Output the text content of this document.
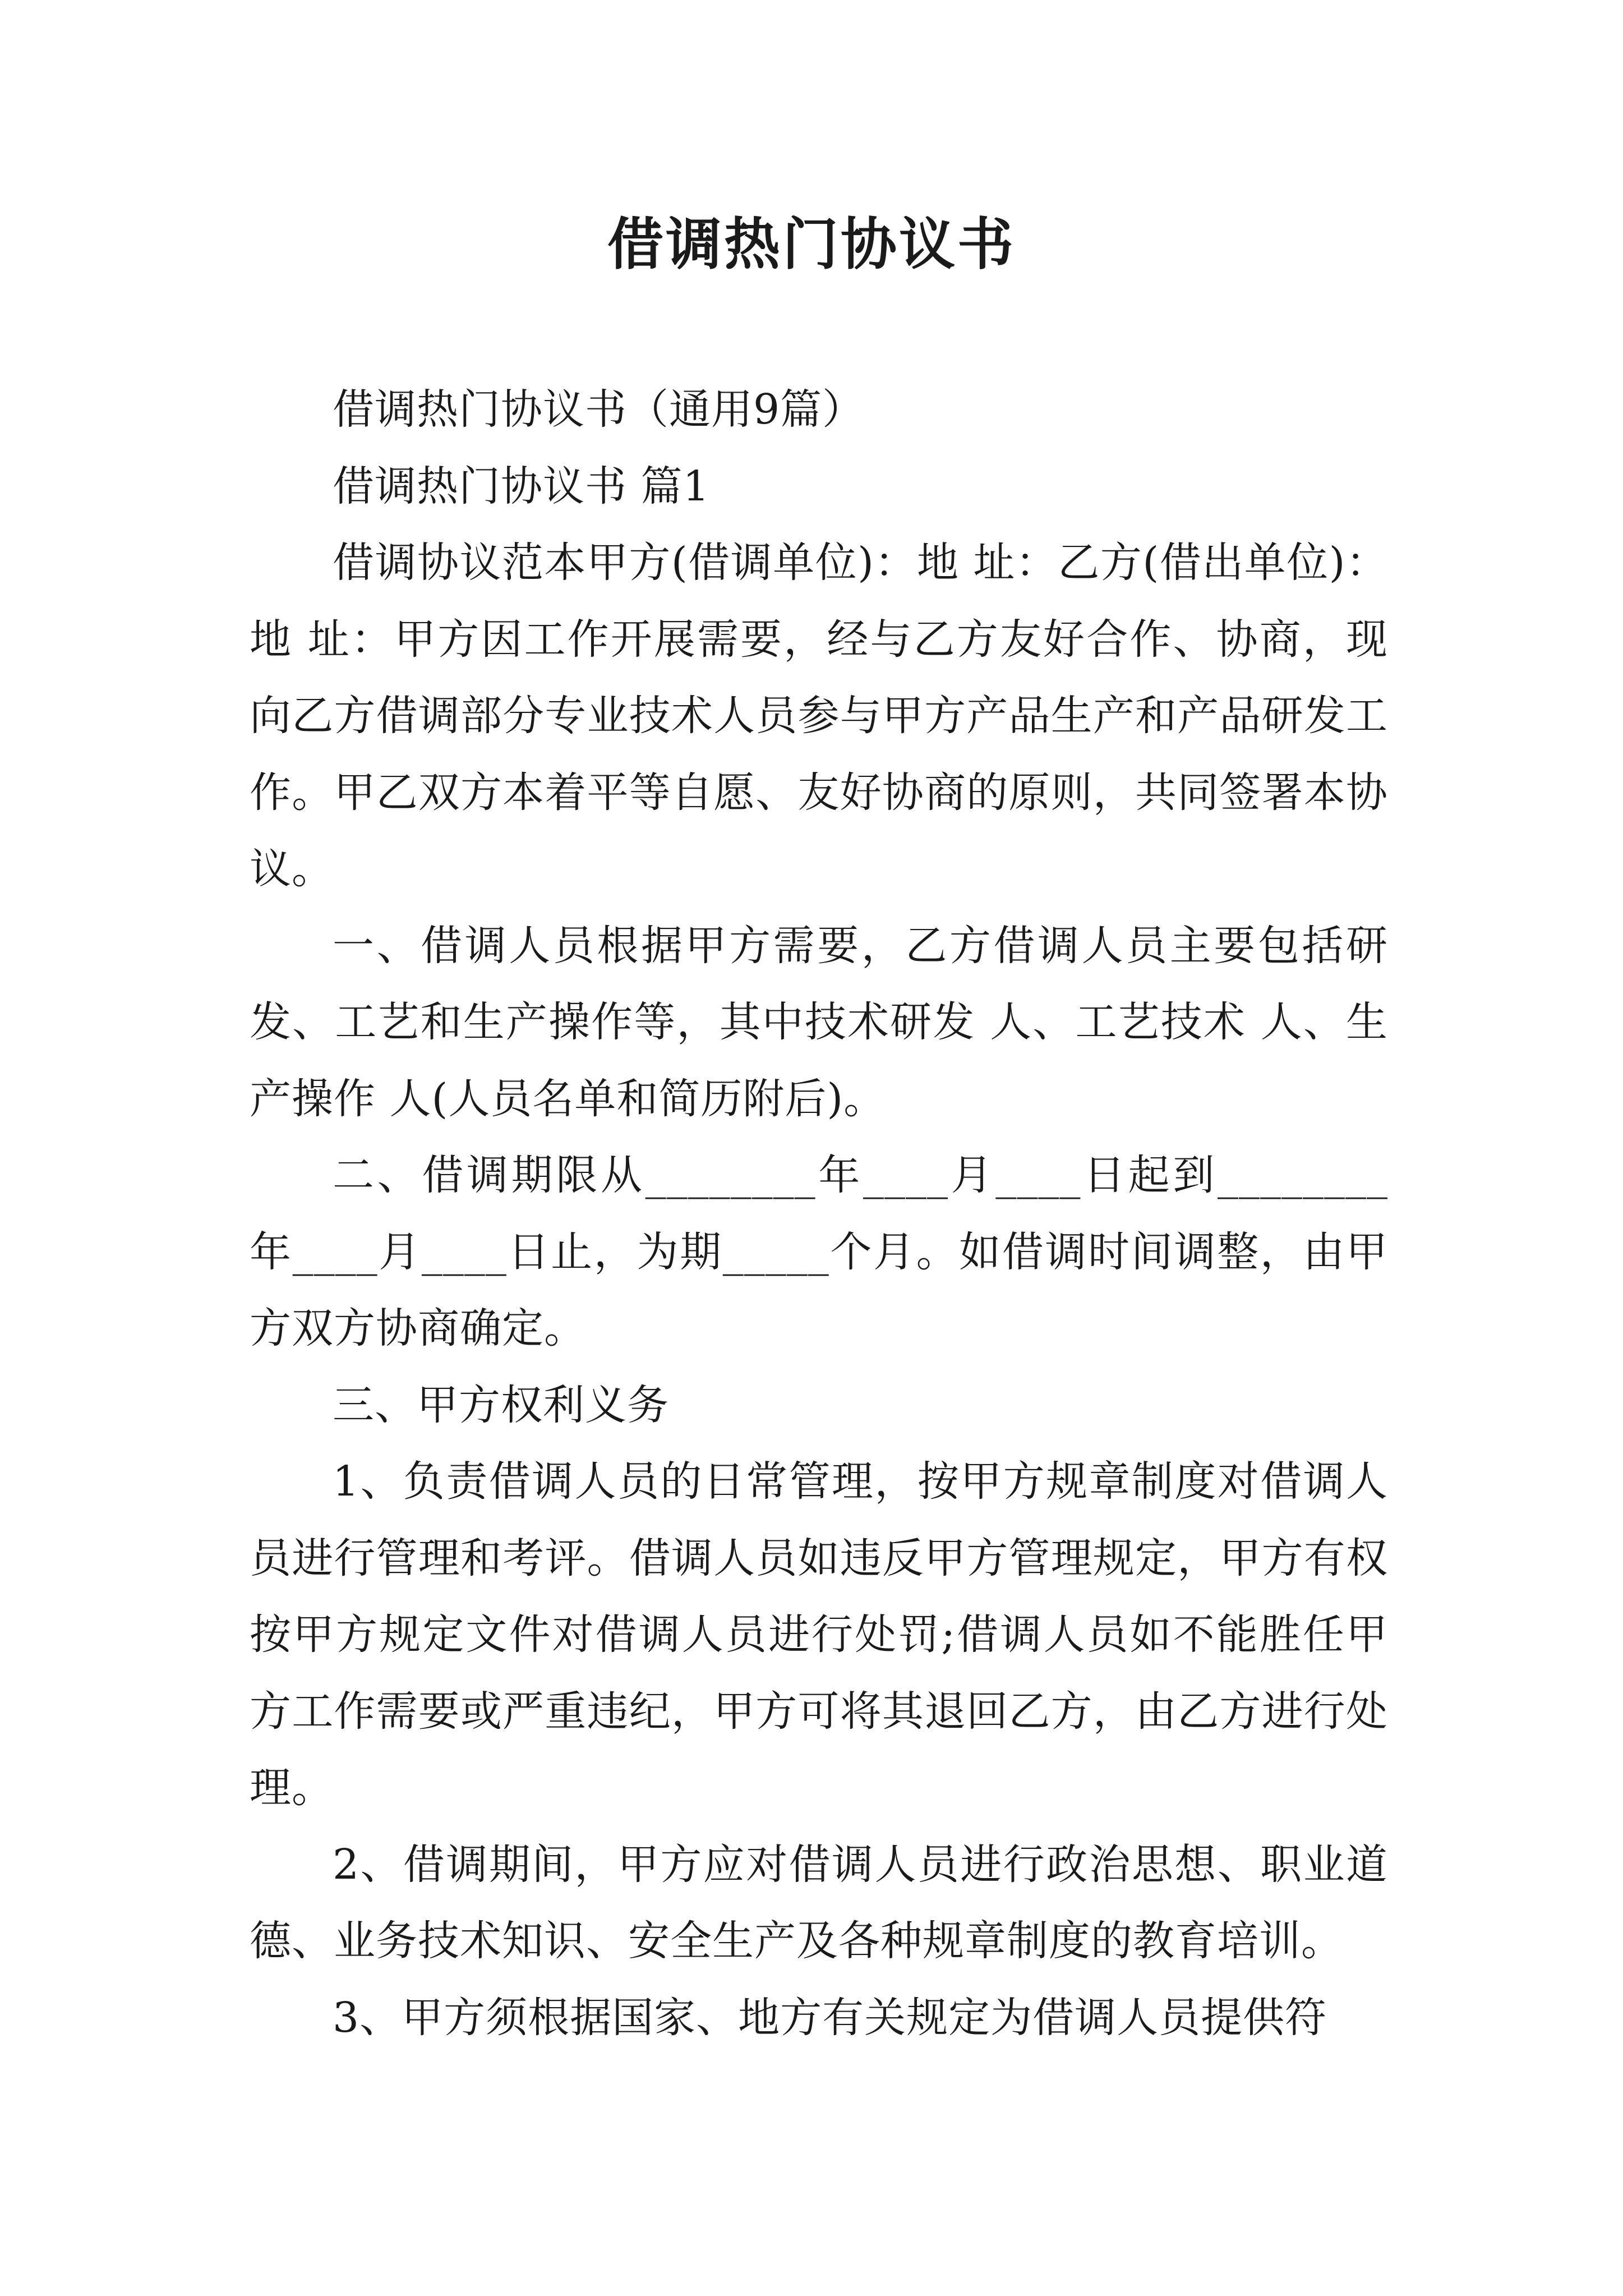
借调热门协议书

借调热门协议书（通用9篇）

借调热门协议书 篇1

借调协议范本甲方(借调单位)：地 址：乙方(借出单位)：地 址：甲方因工作开展需要，经与乙方友好合作、协商，现向乙方借调部分专业技术人员参与甲方产品生产和产品研发工作。甲乙双方本着平等自愿、友好协商的原则，共同签署本协议。

一、借调人员根据甲方需要，乙方借调人员主要包括研发、工艺和生产操作等，其中技术研发 人、工艺技术 人、生产操作 人(人员名单和简历附后)。

二、借调期限从________年____月____日起到________年____月____日止，为期_____个月。如借调时间调整，由甲方双方协商确定。

三、甲方权利义务

1、负责借调人员的日常管理，按甲方规章制度对借调人员进行管理和考评。借调人员如违反甲方管理规定，甲方有权按甲方规定文件对借调人员进行处罚;借调人员如不能胜任甲方工作需要或严重违纪，甲方可将其退回乙方，由乙方进行处理。

2、借调期间，甲方应对借调人员进行政治思想、职业道德、业务技术知识、安全生产及各种规章制度的教育培训。

3、甲方须根据国家、地方有关规定为借调人员提供符
